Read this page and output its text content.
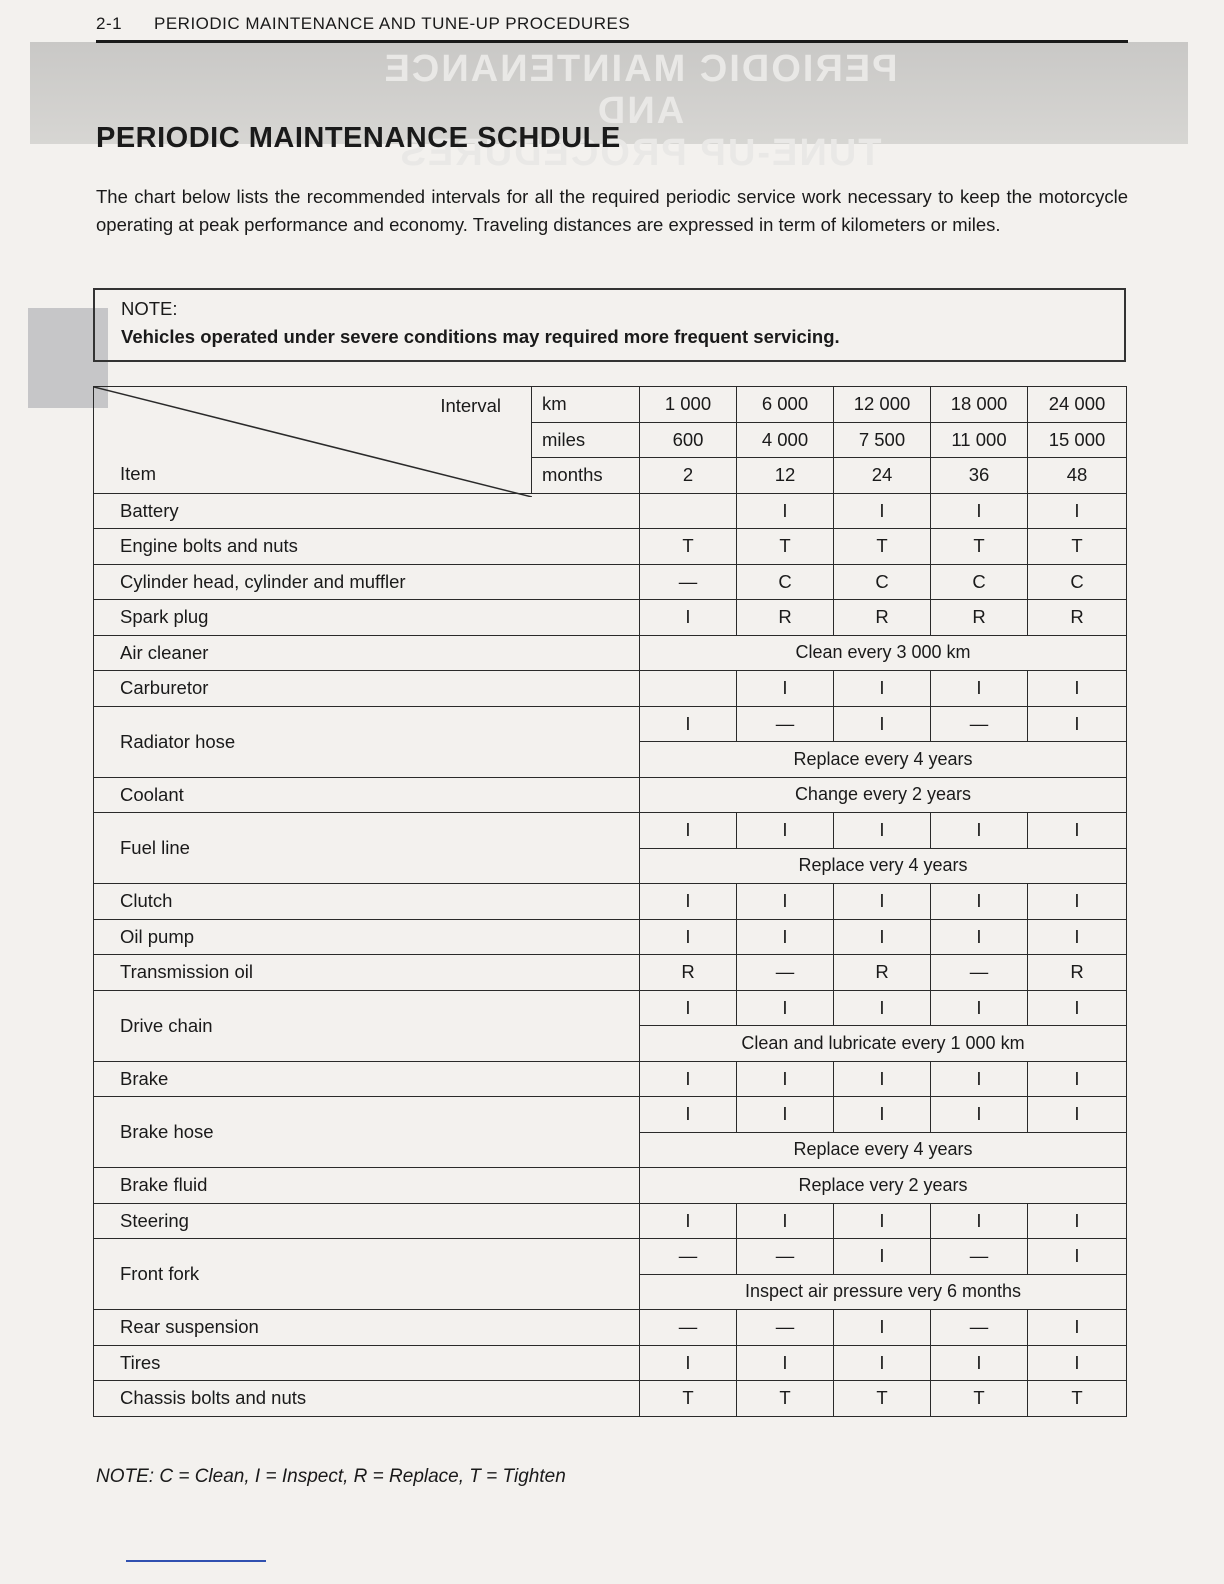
PERIODIC MAINTENANCE AND
TUNE-UP PROCEDURES
2-1 PERIODIC MAINTENANCE AND TUNE-UP PROCEDURES
PERIODIC MAINTENANCE SCHDULE

The chart below lists the recommended intervals for all the required periodic service work necessary to keep the motorcycle operating at peak performance and economy. Traveling distances are expressed in term of kilometers or miles.

NOTE:
Vehicles operated under severe conditions may required more frequent servicing.
Interval
Item	km	1 000	6 000	12 000	18 000	24 000
	miles	600	4 000	7 500	11 000	15 000
	months	2	12	24	36	48
Battery			I	I	I	I
Engine bolts and nuts		T	T	T	T	T
Cylinder head, cylinder and muffler		—	C	C	C	C
Spark plug		I	R	R	R	R
Air cleaner		Clean every 3 000 km				
Carburetor			I	I	I	I
Radiator hose		I	—	I	—	I
		Replace every 4 years				
Coolant		Change every 2 years				
Fuel line		I	I	I	I	I
		Replace very 4 years				
Clutch		I	I	I	I	I
Oil pump		I	I	I	I	I
Transmission oil		R	—	R	—	R
Drive chain		I	I	I	I	I
		Clean and lubricate every 1 000 km				
Brake		I	I	I	I	I
Brake hose		I	I	I	I	I
		Replace every 4 years				
Brake fluid		Replace very 2 years				
Steering		I	I	I	I	I
Front fork		—	—	I	—	I
		Inspect air pressure very 6 months				
Rear suspension		—	—	I	—	I
Tires		I	I	I	I	I
Chassis bolts and nuts		T	T	T	T	T
NOTE: C = Clean, I = Inspect, R = Replace, T = Tighten
